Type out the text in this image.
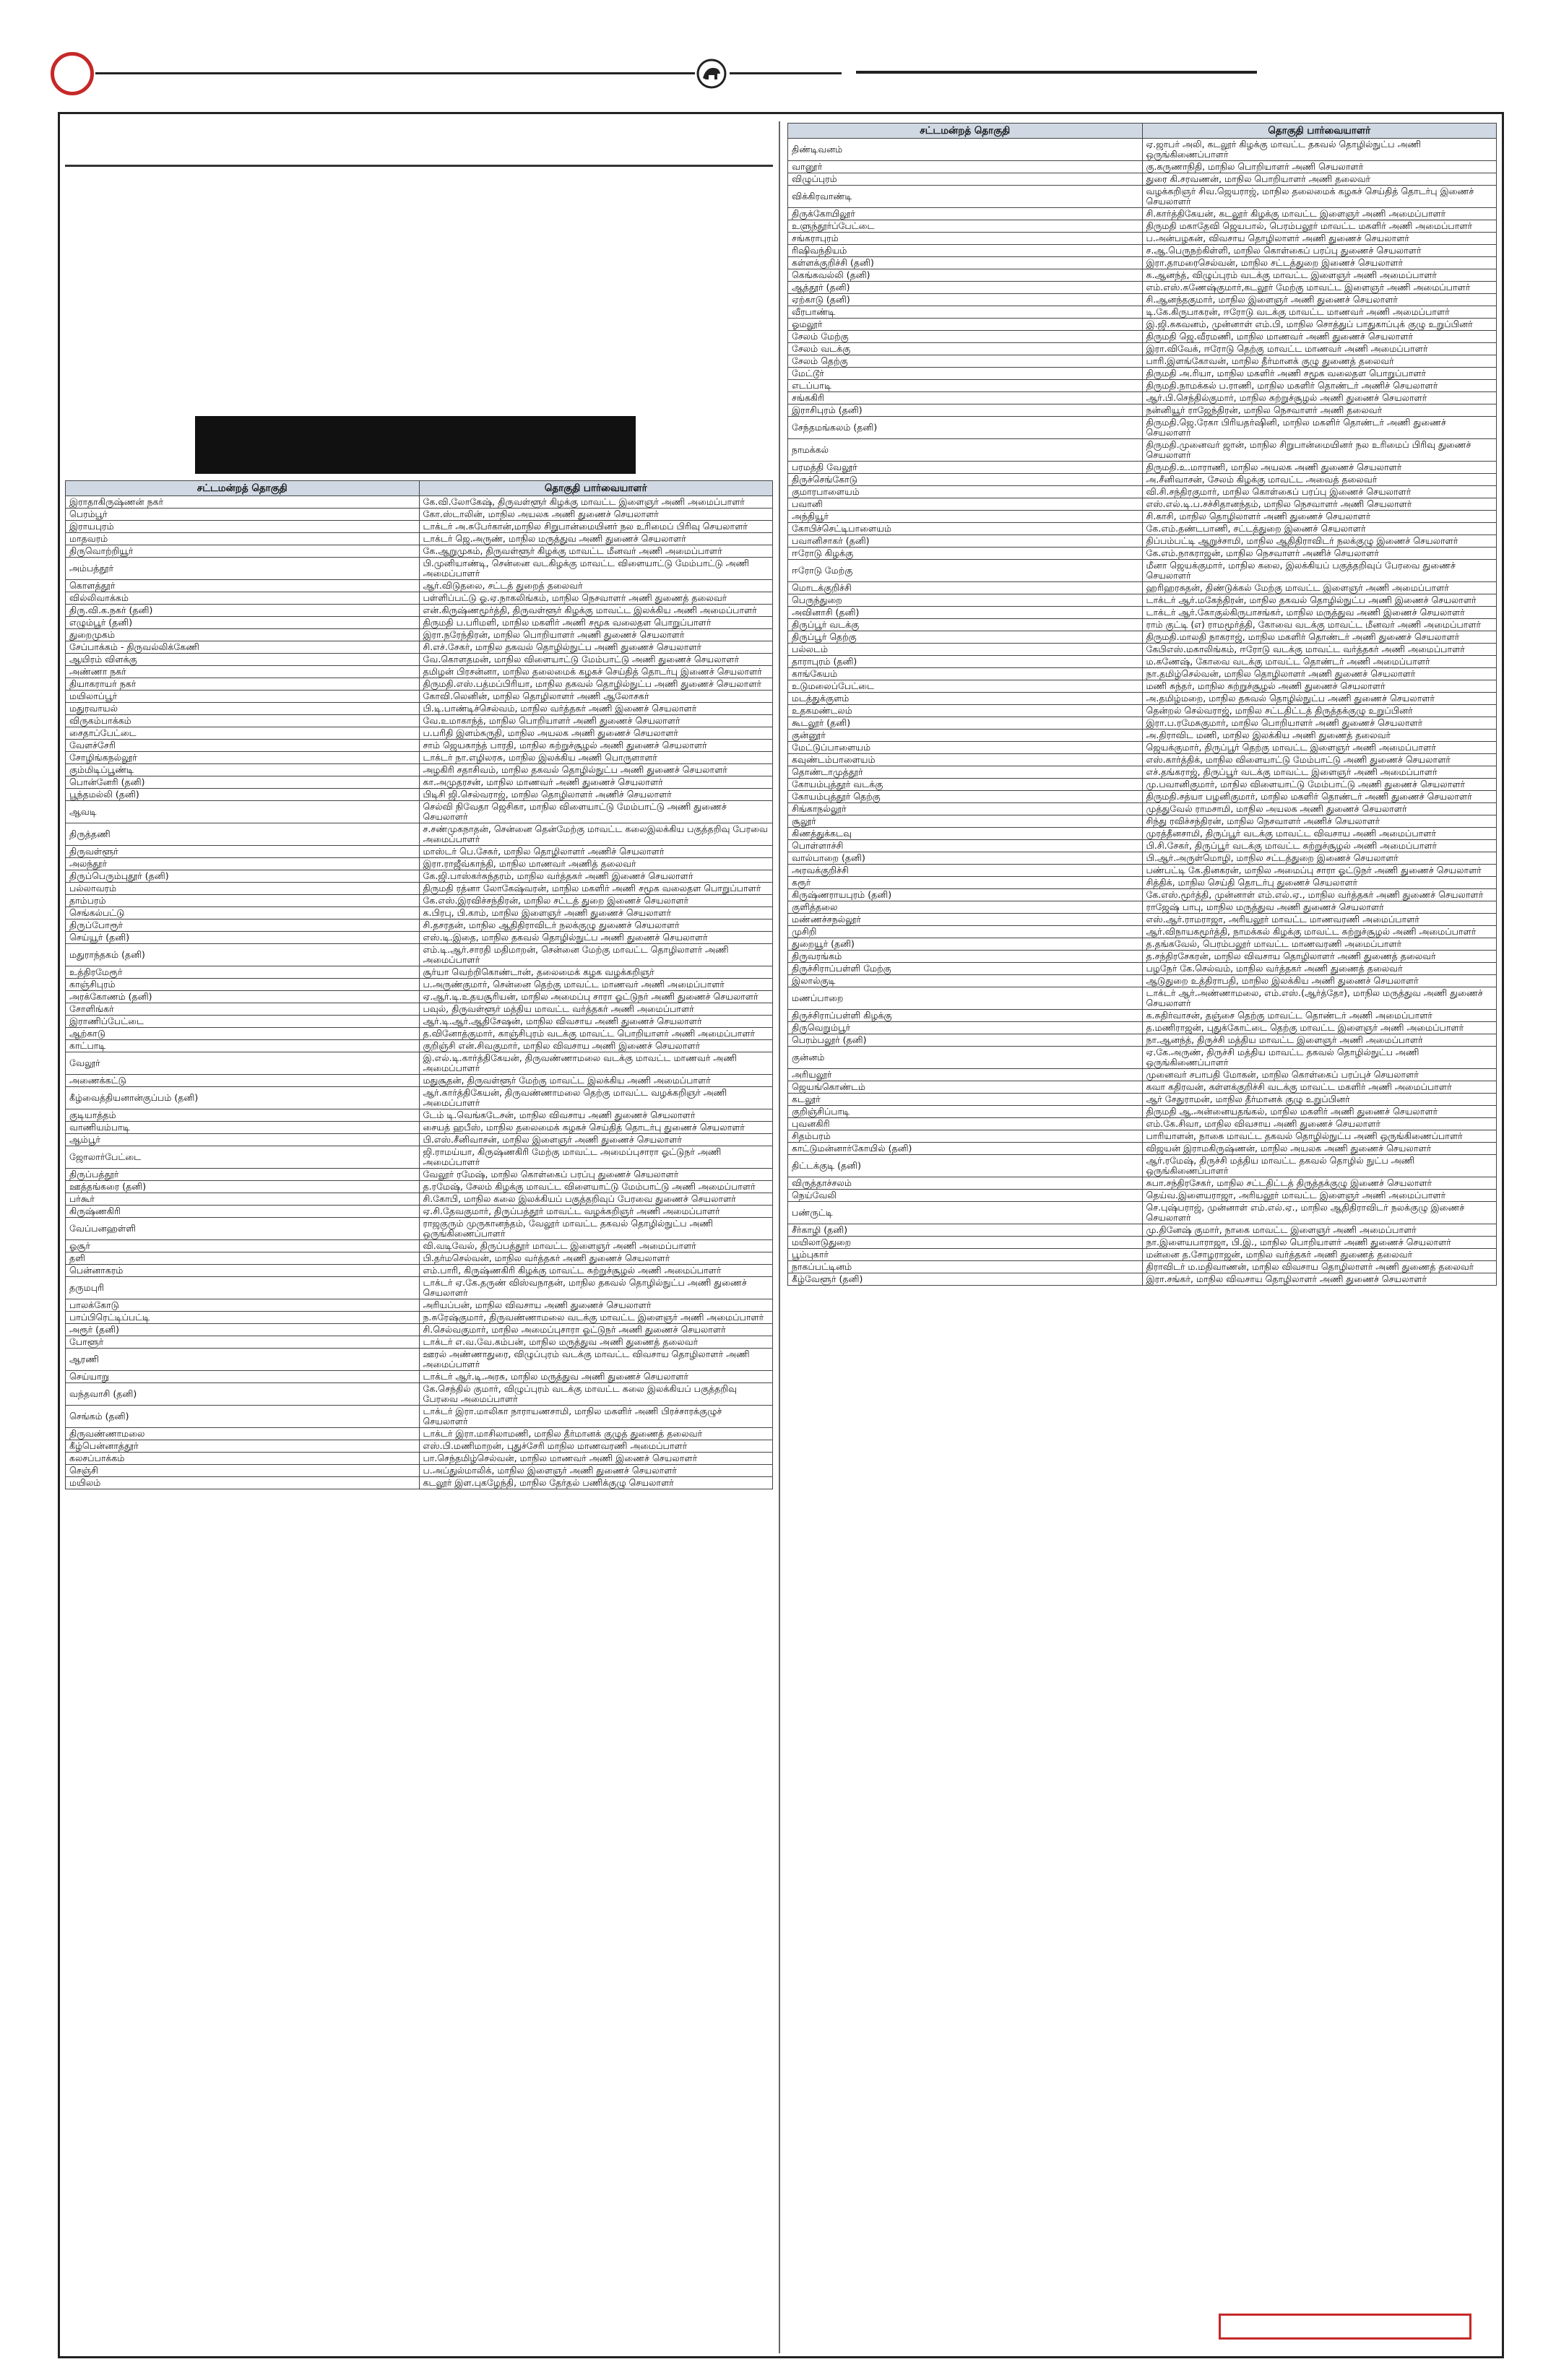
சட்டமன்றத் தொகுதி	தொகுதி பார்வையாளர்
இராதாகிருஷ்ணன் நகர்	கே.வி.லோகேஷ், திருவள்ளூர் கிழக்கு மாவட்ட இளைஞர் அணி அமைப்பாளர்
பெரம்பூர்	கோ.ஸ்டாலின், மாநில அயலக அணி துணைச் செயலாளர்
இராயபுரம்	டாக்டர் அ.சுபேர்கான்,மாநில சிறுபான்மையினர் நல உரிமைப் பிரிவு செயலாளர்
மாதவரம்	டாக்டர் ஜெ.அருண், மாநில மருத்துவ அணி துணைச் செயலாளர்
திருவொற்றியூர்	கே.ஆறுமுகம், திருவள்ளூர் கிழக்கு மாவட்ட மீனவர் அணி அமைப்பாளர்
அம்பத்தூர்	பி.முனியாண்டி, சென்னை வடகிழக்கு மாவட்ட விளையாட்டு மேம்பாட்டு அணி அமைப்பாளர்
கொளத்தூர்	ஆர்.விடுதலை, சட்டத் துறைத் தலைவர்
வில்லிவாக்கம்	பள்ளிப்பட்டு ஓ.ஏ.நாகலிங்கம், மாநில நெசவாளர் அணி துணைத் தலைவர்
திரு.வி.க.நகர் (தனி)	என்.கிருஷ்ணமூர்த்தி, திருவள்ளூர் கிழக்கு மாவட்ட இலக்கிய அணி அமைப்பாளர்
எழும்பூர் (தனி)	திருமதி ப.பரிமளி, மாநில மகளிர் அணி சமூக வலைதள பொறுப்பாளர்
துறைமுகம்	இரா.நரேந்திரன், மாநில பொறியாளர் அணி துணைச் செயலாளர்
சேப்பாக்கம் - திருவல்லிக்கேணி	சி.எச்.சேகர், மாநில தகவல் தொழில்நுட்ப அணி துணைச் செயலாளர்
ஆயிரம் விளக்கு	வே.கொளதமன், மாநில விளையாட்டு மேம்பாட்டு அணி துணைச் செயலாளர்
அண்ணா நகர்	தமிழன் பிரசன்னா, மாநில தலைமைக் கழகச் செய்தித் தொடர்பு இணைச் செயலாளர்
தியாகராயர் நகர்	திருமதி.எஸ்.பத்மப்பிரியா, மாநில தகவல் தொழில்நுட்ப அணி துணைச் செயலாளர்
மயிலாப்பூர்	கோவி.லெனின், மாநில தொழிலாளர் அணி ஆலோசகர்
மதுரவாயல்	பி.டி.பாண்டிச்செல்வம், மாநில வர்த்தகர் அணி இணைச் செயலாளர்
விருகம்பாக்கம்	வே.உமாகாந்த், மாநில பொறியாளர் அணி துணைச் செயலாளர்
சைதாப்பேட்டை	ப.பரிதி இளம்சுருதி, மாநில அயலக அணி துணைச் செயலாளர்
வேளச்சேரி	சாம் ஜெயகாந்த் பாரதி, மாநில சுற்றுச்சூழல் அணி துணைச் செயலாளர்
சோழிங்கநல்லூர்	டாக்டர் நா.எழிலரசு, மாநில இலக்கிய அணி பொருளாளர்
கும்மிடிப்பூண்டி	அழகிரி சதாசிவம், மாநில தகவல் தொழில்நுட்ப அணி துணைச் செயலாளர்
பொன்னேரி (தனி)	கா.அமுதரசன், மாநில மாணவர் அணி துணைச் செயலாளர்
பூந்தமல்லி (தனி)	பிடிசி ஜி.செல்வராஜ், மாநில தொழிலாளர் அணிச் செயலாளர்
ஆவடி	செல்வி நிவேதா ஜெசிகா, மாநில விளையாட்டு மேம்பாட்டு அணி துணைச் செயலாளர்
திருத்தணி	ச.சண்முகநாதன், சென்னை தென்மேற்கு மாவட்ட கலைஇலக்கிய பகுத்தறிவு பேரவை அமைப்பாளர்
திருவள்ளூர்	மாஸ்டர் பெ.சேகர், மாநில தொழிலாளர் அணிச் செயலாளர்
அலந்தூர்	இரா.ராஜீவ்காந்தி, மாநில மாணவர் அணித் தலைவர்
திருப்பெரும்புதூர் (தனி)	கே.ஜி.பாஸ்கர்சுந்தரம், மாநில வர்த்தகர் அணி இணைச் செயலாளர்
பல்லாவரம்	திருமதி ரத்னா லோகேஷ்வரன், மாநில மகளிர் அணி சமூக வலைதள பொறுப்பாளர்
தாம்பரம்	கே.எஸ்.இரவிச்சந்திரன், மாநில சட்டத் துறை இணைச் செயலாளர்
செங்கல்பட்டு	க.பிரபு, பி.காம், மாநில இளைஞர் அணி துணைச் செயலாளர்
திருப்போரூர்	சி.தசரதன், மாநில ஆதிதிராவிடர் நலக்குழு துணைச் செயலாளர்
செய்யூர் (தனி)	எஸ்.டி.இதை, மாநில தகவல் தொழில்நுட்ப அணி துணைச் செயலாளர்
மதுராந்தகம் (தனி)	எம்.டி.ஆர்.சாரதி மதிமாறன், சென்னை மேற்கு மாவட்ட தொழிலாளர் அணி அமைப்பாளர்
உத்திரமேரூர்	சூர்யா வெற்றிகொண்டான், தலைமைக் கழக வழக்கறிஞர்
காஞ்சிபுரம்	ப.அருண்குமார், சென்னை தெற்கு மாவட்ட மாணவர் அணி அமைப்பாளர்
அரக்கோணம் (தனி)	ஏ.ஆர்.டி.உதயசூரியன், மாநில அமைப்பு சாரா ஓட்டுநர் அணி துணைச் செயலாளர்
சோளிங்கர்	பவுல், திருவள்ளூர் மத்திய மாவட்ட வர்த்தகர் அணி அமைப்பாளர்
இராணிப்பேட்டை	ஆர்.டி.ஆர்.ஆதிசேஷன், மாநில விவசாய அணி துணைச் செயலாளர்
ஆற்காடு	த.வினோத்குமார், காஞ்சிபுரம் வடக்கு மாவட்ட பொறியாளர் அணி அமைப்பாளர்
காட்பாடி	குறிஞ்சி என்.சிவகுமார், மாநில விவசாய அணி இணைச் செயலாளர்
வேலூர்	இ.எல்.டி.கார்த்திகேயன், திருவண்ணாமலை வடக்கு மாவட்ட மாணவர் அணி அமைப்பாளர்
அணைக்கட்டு	மதுசூதன், திருவள்ளூர் மேற்கு மாவட்ட இலக்கிய அணி அமைப்பாளர்
கீழ்வைத்தியனான்குப்பம் (தனி)	ஆர்.கார்த்திகேயன், திருவண்ணாமலை தெற்கு மாவட்ட வழக்கறிஞர் அணி அமைப்பாளர்
குடியாத்தம்	டேம் டி.வெங்கடேசன், மாநில விவசாய அணி துணைச் செயலாளர்
வாணியம்பாடி	சையத் ஹபீஸ், மாநில தலைமைக் கழகச் செய்தித் தொடர்பு துணைச் செயலாளர்
ஆம்பூர்	பி.எஸ்.சீனிவாசன், மாநில இளைஞர் அணி துணைச் செயலாளர்
ஜோலார்பேட்டை	ஜி.ராமய்யா, கிருஷ்ணகிரி மேற்கு மாவட்ட அமைப்புசாரா ஓட்டுநர் அணி அமைப்பாளர்
திருப்பத்தூர்	வேலூர் ரமேஷ், மாநில கொள்கைப் பரப்பு துணைச் செயலாளர்
ஊத்தங்கரை (தனி)	த.ரமேஷ், சேலம் கிழக்கு மாவட்ட விளையாட்டு மேம்பாட்டு அணி அமைப்பாளர்
பர்கூர்	சி.கோபி, மாநில கலை இலக்கியப் பகுத்தறிவுப் பேரவை துணைச் செயலாளர்
கிருஷ்ணகிரி	ஏ.சி.தேவகுமார், திருப்பத்தூர் மாவட்ட வழக்கறிஞர் அணி அமைப்பாளர்
வேப்பனஹள்ளி	ராஜகுரும் முருகானந்தம், வேலூர் மாவட்ட தகவல் தொழில்நுட்ப அணி ஒருங்கிணைப்பாளர்
ஓசூர்	வி.வடிவேல், திருப்பத்தூர் மாவட்ட இளைஞர் அணி அமைப்பாளர்
தளி	பி.தர்மசெல்வன், மாநில வர்த்தகர் அணி துணைச் செயலாளர்
பென்னாகரம்	எம்.பாரி, கிருஷ்ணகிரி கிழக்கு மாவட்ட சுற்றுச்சூழல் அணி அமைப்பாளர்
தருமபுரி	டாக்டர் ஏ.கே.தருண் விஸ்வநாதன், மாநில தகவல் தொழில்நுட்ப அணி துணைச் செயலாளர்
பாலக்கோடு	அரியப்பன், மாநில விவசாய அணி துணைச் செயலாளர்
பாப்பிரெட்டிப்பட்டி	ந.சுரேஷ்குமார், திருவண்ணாமலை வடக்கு மாவட்ட இளைஞர் அணி அமைப்பாளர்
அரூர் (தனி)	சி.செல்வகுமார், மாநில அமைப்புசாரா ஓட்டுநர் அணி துணைச் செயலாளர்
போளூர்	டாக்டர் எ.வ.வே.கம்பன், மாநில மருத்துவ அணி துணைத் தலைவர்
ஆரணி	ஊரல் அண்ணாதுரை, விழுப்புரம் வடக்கு மாவட்ட விவசாய தொழிலாளர் அணி அமைப்பாளர்
செய்யாறு	டாக்டர் ஆர்.டி.அரசு, மாநில மருத்துவ அணி துணைச் செயலாளர்
வந்தவாசி (தனி)	கே.செந்தில் குமார், விழுப்புரம் வடக்கு மாவட்ட கலை இலக்கியப் பகுத்தறிவு பேரவை அமைப்பாளர்
செங்கம் (தனி)	டாக்டர் இரா.மாலிகா நாராயணசாமி, மாநில மகளிர் அணி பிரச்சாரக்குழுச் செயலாளர்
திருவண்ணாமலை	டாக்டர் இரா.மாசிலாமணி, மாநில தீர்மானக் குழுத் துணைத் தலைவர்
கீழ்பென்னாத்தூர்	எஸ்.பி.மணிமாறன், புதுச்சேரி மாநில மாணவரணி அமைப்பாளர்
கலசப்பாக்கம்	பா.செந்தமிழ்செல்வன், மாநில மாணவர் அணி இணைச் செயலாளர்
செஞ்சி	ப.அப்துல்மாலிக், மாநில இளைஞர் அணி துணைச் செயலாளர்
மயிலம்	கடலூர் இள.புகழேந்தி, மாநில தேர்தல் பணிக்குழு செயலாளர்
சட்டமன்றத் தொகுதி	தொகுதி பார்வையாளர்
திண்டிவனம்	ஏ.ஜாபர் அலி, கடலூர் கிழக்கு மாவட்ட தகவல் தொழில்நுட்ப அணி ஒருங்கிணைப்பாளர்
வானூர்	கு.கருணாநிதி, மாநில பொறியாளர் அணி செயலாளர்
விழுப்புரம்	துரை கி.சரவணன், மாநில பொறியாளர் அணி தலைவர்
விக்கிரவாண்டி	வழக்கறிஞர் சிவ.ஜெயராஜ், மாநில தலைமைக் கழகச் செய்தித் தொடர்பு இணைச் செயலாளர்
திருக்கோயிலூர்	சி.கார்த்திகேயன், கடலூர் கிழக்கு மாவட்ட இளைஞர் அணி அமைப்பாளர்
உளுந்தூர்ப்பேட்டை	திருமதி மகாதேவி ஜெயபால், பெரம்பலூர் மாவட்ட மகளிர் அணி அமைப்பாளர்
சங்கராபுரம்	ப.அன்பழகன், விவசாய தொழிலாளர் அணி துணைச் செயலாளர்
ரிஷிவந்தியம்	ச.ஆ.பெருநற்கிள்ளி, மாநில கொள்கைப் பரப்பு துணைச் செயலாளர்
கள்ளக்குறிச்சி (தனி)	இரா.தாமரைசெல்வன், மாநில சட்டத்துறை இணைச் செயலாளர்
கெங்கவல்லி (தனி)	க.ஆனந்த், விழுப்புரம் வடக்கு மாவட்ட இளைஞர் அணி அமைப்பாளர்
ஆத்தூர் (தனி)	எம்.எஸ்.கணேஷ்குமார்,கடலூர் மேற்கு மாவட்ட இளைஞர் அணி அமைப்பாளர்
ஏற்காடு (தனி)	சி.ஆனந்தகுமார், மாநில இளைஞர் அணி துணைச் செயலாளர்
வீரபாண்டி	டி.கே.கிருபாகரன், ஈரோடு வடக்கு மாவட்ட மாணவர் அணி அமைப்பாளர்
ஓமலூர்	இ.ஜி.சுகவனம், முன்னாள் எம்.பி, மாநில சொத்துப் பாதுகாப்புக் குழு உறுப்பினர்
சேலம் மேற்கு	திருமதி ஜெ.வீரமணி, மாநில மாணவர் அணி துணைச் செயலாளர்
சேலம் வடக்கு	இரா.விவேக், ஈரோடு தெற்கு மாவட்ட மாணவர் அணி அமைப்பாளர்
சேலம் தெற்கு	பாரி.இளங்கோவன், மாநில தீர்மானக் குழு துணைத் தலைவர்
மேட்டூர்	திருமதி அ.ரியா, மாநில மகளிர் அணி சமூக வலைதள பொறுப்பாளர்
எடப்பாடி	திருமதி.நாமக்கல் ப.ராணி, மாநில மகளிர் தொண்டர் அணிச் செயலாளர்
சங்ககிரி	ஆர்.பி.செந்தில்குமார், மாநில சுற்றுச்சூழல் அணி துணைச் செயலாளர்
இராசிபுரம் (தனி)	நன்னியூர் ராஜேந்திரன், மாநில நெசவாளர் அணி தலைவர்
சேந்தமங்கலம் (தனி)	திருமதி.ஜெ.ரேகா பிரியதர்ஷினி, மாநில மகளிர் தொண்டர் அணி துணைச் செயலாளர்
நாமக்கல்	திருமதி.முனைவர் ஜான், மாநில சிறுபான்மையினர் நல உரிமைப் பிரிவு துணைச் செயலாளர்
பரமத்தி வேலூர்	திருமதி.உ.மாராணி, மாநில அயலக அணி துணைச் செயலாளர்
திருச்செங்கோடு	அ.சீனிவாசன், சேலம் கிழக்கு மாவட்ட அவைத் தலைவர்
குமாரபாளையம்	வி.சி.சந்திரகுமார், மாநில கொள்கைப் பரப்பு இணைச் செயலாளர்
பவானி	எஸ்.எல்.டி.ப.சச்சிதானந்தம், மாநில நெசவாளர் அணி செயலாளர்
அந்தியூர்	சி.காசி, மாநில தொழிலாளர் அணி துணைச் செயலாளர்
கோபிச்செட்டிபாளையம்	கே.எம்.தண்டபாணி, சட்டத்துறை இணைச் செயலாளர்
பவானிசாகர் (தனி)	திப்பம்பட்டி ஆறுச்சாமி, மாநில ஆதிதிராவிடர் நலக்குழு இணைச் செயலாளர்
ஈரோடு கிழக்கு	கே.எம்.நாகராஜன், மாநில நெசவாளர் அணிச் செயலாளர்
ஈரோடு மேற்கு	மீனா ஜெயக்குமார், மாநில கலை, இலக்கியப் பகுத்தறிவுப் பேரவை துணைச் செயலாளர்
மொடக்குறிச்சி	ஹரிஹரசுதன், திண்டுக்கல் மேற்கு மாவட்ட இளைஞர் அணி அமைப்பாளர்
பெருந்துறை	டாக்டர் ஆர்.மகேந்திரன், மாநில தகவல் தொழில்நுட்ப அணி இணைச் செயலாளர்
அவினாசி (தனி)	டாக்டர் ஆர்.கோகுல்கிருபாசங்கர், மாநில மருத்துவ அணி இணைச் செயலாளர்
திருப்பூர் வடக்கு	ராம் குட்டி (எ) ராமமூர்த்தி, கோவை வடக்கு மாவட்ட மீனவர் அணி அமைப்பாளர்
திருப்பூர் தெற்கு	திருமதி.மாலதி நாகராஜ், மாநில மகளிர் தொண்டர் அணி துணைச் செயலாளர்
பல்லடம்	கேபிஎஸ்.மகாலிங்கம், ஈரோடு வடக்கு மாவட்ட வர்த்தகர் அணி அமைப்பாளர்
தாராபுரம் (தனி)	ம.கணேஷ், கோவை வடக்கு மாவட்ட தொண்டர் அணி அமைப்பாளர்
காங்கேயம்	நா.தமிழ்செல்வன், மாநில தொழிலாளர் அணி துணைச் செயலாளர்
உடுமலைப்பேட்டை	மணி சுந்தர், மாநில சுற்றுச்சூழல் அணி துணைச் செயலாளர்
மடத்துக்குளம்	அ.தமிழ்மறை, மாநில தகவல் தொழில்நுட்ப அணி துணைச் செயலாளர்
உதகமண்டலம்	தென்றல் செல்வராஜ், மாநில சட்டதிட்டத் திருத்தக்குழு உறுப்பினர்
கூடலூர் (தனி)	இரா.ப.ரமேசுகுமார், மாநில பொறியாளர் அணி துணைச் செயலாளர்
குன்னூர்	அ.திராவிட மணி, மாநில இலக்கிய அணி துணைத் தலைவர்
மேட்டுப்பாளையம்	ஜெயக்குமார், திருப்பூர் தெற்கு மாவட்ட இளைஞர் அணி அமைப்பாளர்
கவுண்டம்பாளையம்	எஸ்.கார்த்திக், மாநில விளையாட்டு மேம்பாட்டு அணி துணைச் செயலாளர்
தொண்டாமுத்தூர்	எச்.தங்கராஜ், திருப்பூர் வடக்கு மாவட்ட இளைஞர் அணி அமைப்பாளர்
கோயம்புத்தூர் வடக்கு	மு.பவானிகுமார், மாநில விளையாட்டு மேம்பாட்டு அணி துணைச் செயலாளர்
கோயம்புத்தூர் தெற்கு	திருமதி.சத்யா பழனிகுமார், மாநில மகளிர் தொண்டர் அணி துணைச் செயலாளர்
சிங்காநல்லூர்	முத்துவேல் ராமசாமி, மாநில அயலக அணி துணைச் செயலாளர்
சூலூர்	சிந்து ரவிச்சந்திரன், மாநில நெசவாளர் அணிச் செயலாளர்
கிணத்துக்கடவு	முரத்தீனசாமி, திருப்பூர் வடக்கு மாவட்ட விவசாய அணி அமைப்பாளர்
பொள்ளாச்சி	பி.சி.சேகர், திருப்பூர் வடக்கு மாவட்ட சுற்றுச்சூழல் அணி அமைப்பாளர்
வால்பாறை (தனி)	பி.ஆர்.அருள்மொழி, மாநில சட்டத்துறை இணைச் செயலாளர்
அரவக்குறிச்சி	பண்பட்டி கே.தினகரன், மாநில அமைப்பு சாரா ஓட்டுநர் அணி துணைச் செயலாளர்
கரூர்	சித்திக், மாநில செய்தி தொடர்பு துணைச் செயலாளர்
கிருஷ்ணராயபுரம் (தனி)	கே.எஸ்.மூர்த்தி, முன்னாள் எம்.எல்.ஏ., மாநில வர்த்தகர் அணி துணைச் செயலாளர்
குளித்தலை	ராஜேஷ் பாபு, மாநில மருத்துவ அணி துணைச் செயலாளர்
மண்ணச்சநல்லூர்	எஸ்.ஆர்.ராமராஜா, அரியலூர் மாவட்ட மாணவரணி அமைப்பாளர்
முசிறி	ஆர்.விநாயகமூர்த்தி, நாமக்கல் கிழக்கு மாவட்ட சுற்றுச்சூழல் அணி அமைப்பாளர்
துறையூர் (தனி)	த.தங்கவேல், பெரம்பலூர் மாவட்ட மாணவரணி அமைப்பாளர்
திருவரங்கம்	த.சந்திரசேகரன், மாநில விவசாய தொழிலாளர் அணி துணைத் தலைவர்
திருச்சிராப்பள்ளி மேற்கு	பழநேர் கே.செல்வம், மாநில வர்த்தகர் அணி துணைத் தலைவர்
இலால்குடி	ஆடுதுறை உத்திராபதி, மாநில இலக்கிய அணி துணைச் செயலாளர்
மணப்பாறை	டாக்டர் ஆர்.அண்ணாமலை, எம்.எஸ்.(ஆர்த்தோ), மாநில மருத்துவ அணி துணைச் செயலாளர்
திருச்சிராப்பள்ளி கிழக்கு	க.சுதிர்வாசன், தஞ்சை தெற்கு மாவட்ட தொண்டர் அணி அமைப்பாளர்
திருவெறும்பூர்	த.மணிராஜன், புதுக்கோட்டை தெற்கு மாவட்ட இளைஞர் அணி அமைப்பாளர்
பெரம்பலூர் (தனி)	நா.ஆனந்த், திருச்சி மத்திய மாவட்ட இளைஞர் அணி அமைப்பாளர்
குன்னம்	ஏ.கே.அருண், திருச்சி மத்திய மாவட்ட தகவல் தொழில்நுட்ப அணி ஒருங்கிணைப்பாளர்
அரியலூர்	முனைவர் சபாபதி மோகன், மாநில கொள்கைப் பரப்புச் செயலாளர்
ஜெயங்கொண்டம்	கவா கதிரவன், கள்ளக்குறிச்சி வடக்கு மாவட்ட மகளிர் அணி அமைப்பாளர்
கடலூர்	ஆர் சேதுராமன், மாநில தீர்மானக் குழு உறுப்பினர்
குறிஞ்சிப்பாடி	திருமதி ஆ.அன்னையதங்கல், மாநில மகளிர் அணி துணைச் செயலாளர்
புவனகிரி	எம்.கே.சிவா, மாநில விவசாய அணி துணைச் செயலாளர்
சிதம்பரம்	பாரியாளன், நாகை மாவட்ட தகவல் தொழில்நுட்ப அணி ஒருங்கிணைப்பாளர்
காட்டுமன்னார்கோயில் (தனி)	விஜயன் இராமகிருஷ்ணன், மாநில அயலக அணி துணைச் செயலாளர்
திட்டக்குடி (தனி)	ஆர்.ரமேஷ், திருச்சி மத்திய மாவட்ட தகவல் தொழில் நுட்ப அணி ஒருங்கிணைப்பாளர்
விருத்தாச்சலம்	சுபா.சந்திரசேகர், மாநில சட்டதிட்டத் திருத்தக்குழு இணைச் செயலாளர்
நெய்வேலி	தெய்வ.இளையராஜா, அரியலூர் மாவட்ட இளைஞர் அணி அமைப்பாளர்
பண்ருட்டி	செ.புஷ்பராஜ், முன்னாள் எம்.எல்.ஏ., மாநில ஆதிதிராவிடர் நலக்குழு இணைச் செயலாளர்
சீர்காழி (தனி)	மு.தினேஷ் குமார், நாகை மாவட்ட இளைஞர் அணி அமைப்பாளர்
மயிலாடுதுறை	நா.இளையபாராஜா, பி.இ., மாநில பொறியாளர் அணி துணைச் செயலாளர்
பூம்புகார்	மன்னை த.சோழராஜன், மாநில வர்த்தகர் அணி துணைத் தலைவர்
நாகப்பட்டினம்	திராவிடர் ம.மதிவாணன், மாநில விவசாய தொழிலாளர் அணி துணைத் தலைவர்
கீழ்வேளூர் (தனி)	இரா.சங்கர், மாநில விவசாய தொழிலாளர் அணி துணைச் செயலாளர்
